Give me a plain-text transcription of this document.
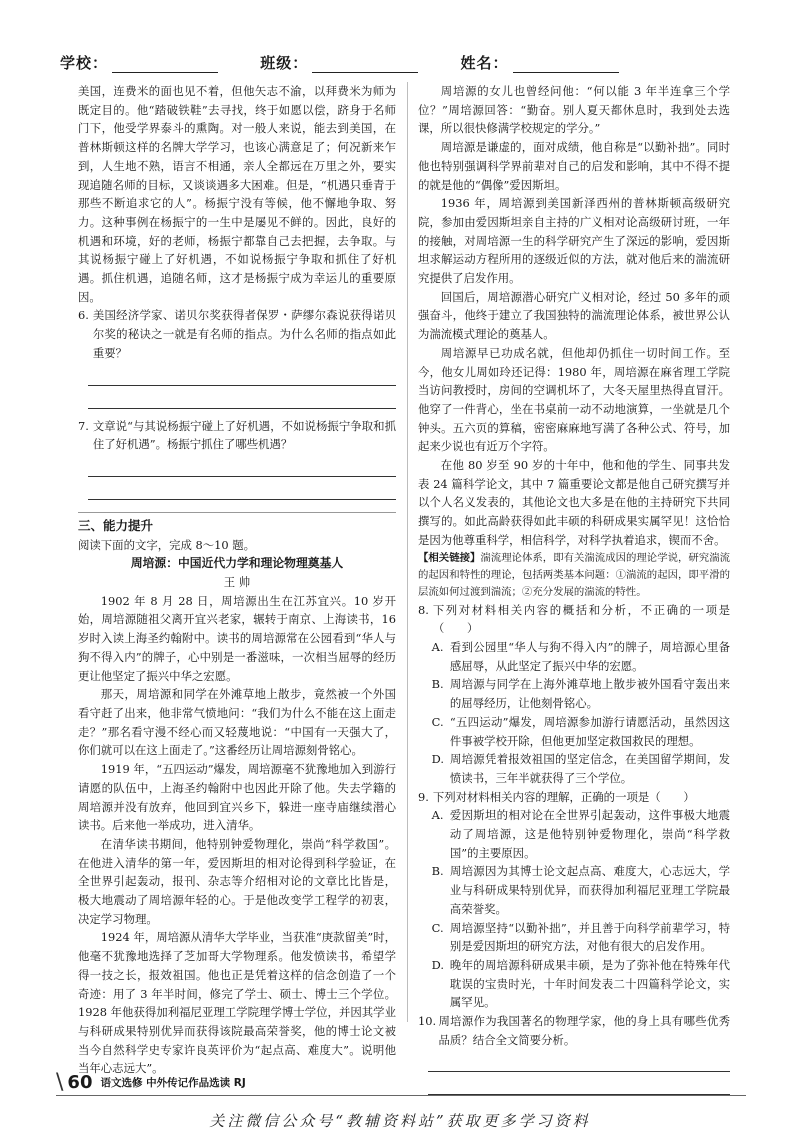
学校：	班级：	姓名：

美国，连费米的面也见不着，但他矢志不渝，以拜费米为师为既定目的。他“踏破铁鞋”去寻找，终于如愿以偿，跻身于名师门下，他受学界泰斗的熏陶。对一般人来说，能去到美国，在普林斯顿这样的名牌大学学习，也该心满意足了；何况新来乍到，人生地不熟，语言不相通，亲人全都远在万里之外，要实现追随名师的目标，又谈谈遇多大困难。但是，“机遇只垂青于那些不断追求它的人”。杨振宁没有等候，他不懈地争取、努力。这种事例在杨振宁的一生中是屡见不鲜的。因此，良好的机遇和环境，好的老师，杨振宁都靠自己去把握，去争取。与其说杨振宁碰上了好机遇，不如说杨振宁争取和抓住了好机遇。抓住机遇，追随名师，这才是杨振宁成为幸运儿的重要原因。

6. 美国经济学家、诺贝尔奖获得者保罗・萨缪尔森说获得诺贝尔奖的秘诀之一就是有名师的指点。为什么名师的指点如此重要？
7. 文章说“与其说杨振宁碰上了好机遇，不如说杨振宁争取和抓住了好机遇”。杨振宁抓住了哪些机遇？
三、能力提升

阅读下面的文字，完成 8～10 题。

周培源：中国近代力学和理论物理奠基人

王 帅

1902 年 8 月 28 日，周培源出生在江苏宜兴。10 岁开始，周培源随祖父离开宜兴老家，辗转于南京、上海读书，16 岁时入读上海圣约翰附中。读书的周培源常在公园看到“华人与狗不得入内”的牌子，心中别是一番滋味，一次相当屈辱的经历更让他坚定了振兴中华之宏愿。

那天，周培源和同学在外滩草地上散步，竟然被一个外国看守赶了出来，他非常气愤地问：“我们为什么不能在这上面走走？”那名看守漫不经心而又轻蔑地说：“中国有一天强大了，你们就可以在这上面走了。”这番经历让周培源刻骨铭心。

1919 年，“五四运动”爆发，周培源毫不犹豫地加入到游行请愿的队伍中，上海圣约翰附中也因此开除了他。失去学籍的周培源并没有放弃，他回到宜兴乡下，躲进一座寺庙继续潜心读书。后来他一举成功，进入清华。

在清华读书期间，他特别钟爱物理化，崇尚“科学救国”。在他进入清华的第一年，爱因斯坦的相对论得到科学验证，在全世界引起轰动，报刊、杂志等介绍相对论的文章比比皆是，极大地震动了周培源年轻的心。于是他改变学工程学的初衷，决定学习物理。

1924 年，周培源从清华大学毕业，当获准“庚款留美”时，他毫不犹豫地选择了芝加哥大学物理系。他发愤读书，希望学得一技之长，报效祖国。他也正是凭着这样的信念创造了一个奇迹：用了 3 年半时间，修完了学士、硕士、博士三个学位。1928 年他获得加利福尼亚理工学院理学博士学位，并因其学业与科研成果特别优异而获得该院最高荣誉奖，他的博士论文被当今自然科学史专家许良英评价为“起点高、难度大”。说明他当年心志远大”。

周培源的女儿也曾经问他：“何以能 3 年半连拿三个学位？”周培源回答：“勤奋。别人夏天都休息时，我到处去选课，所以很快修满学校规定的学分。”

周培源是谦虚的，面对成绩，他自称是“以勤补拙”。同时他也特别强调科学界前辈对自己的启发和影响，其中不得不提的就是他的“偶像”爱因斯坦。

1936 年，周培源到美国新泽西州的普林斯顿高级研究院，参加由爱因斯坦亲自主持的广义相对论高级研讨班，一年的接触，对周培源一生的科学研究产生了深远的影响，爱因斯坦求解运动方程所用的逐级近似的方法，就对他后来的湍流研究提供了启发作用。

回国后，周培源潜心研究广义相对论，经过 50 多年的顽强奋斗，他终于建立了我国独特的湍流理论体系，被世界公认为湍流模式理论的奠基人。

周培源早已功成名就，但他却仍抓住一切时间工作。至今，他女儿周如玲还记得：1980 年，周培源在麻省理工学院当访问教授时，房间的空调机坏了，大冬天屋里热得直冒汗。他穿了一件背心，坐在书桌前一动不动地演算，一坐就是几个钟头。五六页的算稿，密密麻麻地写满了各种公式、符号，加起来少说也有近万个字符。

在他 80 岁至 90 岁的十年中，他和他的学生、同事共发表 24 篇科学论文，其中 7 篇重要论文都是他自己研究撰写并以个人名义发表的，其他论文也大多是在他的主持研究下共同撰写的。如此高龄获得如此丰硕的科研成果实属罕见！这恰恰是因为他尊重科学，相信科学，对科学执着追求，锲而不舍。

【相关链接】湍流理论体系，即有关湍流成因的理论学说，研究湍流的起因和特性的理论，包括两类基本问题：①湍流的起因，即平滑的层流如何过渡到湍流；②充分发展的湍流的特性。

8. 下列对材料相关内容的概括和分析，不正确的一项是（　　）
A. 看到公园里“华人与狗不得入内”的牌子，周培源心里备感屈辱，从此坚定了振兴中华的宏愿。
B. 周培源与同学在上海外滩草地上散步被外国看守轰出来的屈辱经历，让他刻骨铭心。
C. “五四运动”爆发，周培源参加游行请愿活动，虽然因这件事被学校开除，但他更加坚定救国救民的理想。
D. 周培源凭着报效祖国的坚定信念，在美国留学期间，发愤读书，三年半就获得了三个学位。
9. 下列对材料相关内容的理解，正确的一项是（　　）
A. 爱因斯坦的相对论在全世界引起轰动，这件事极大地震动了周培源，这是他特别钟爱物理化，崇尚“科学救国”的主要原因。
B. 周培源因为其博士论文起点高、难度大，心志远大，学业与科研成果特别优异，而获得加利福尼亚理工学院最高荣誉奖。
C. 周培源坚持“以勤补拙”，并且善于向科学前辈学习，特别是爱因斯坦的研究方法，对他有很大的启发作用。
D. 晚年的周培源科研成果丰硕，是为了弥补他在特殊年代耽误的宝贵时光，十年时间发表二十四篇科学论文，实属罕见。
10. 周培源作为我国著名的物理学家，他的身上具有哪些优秀品质？结合全文简要分析。
\ 60 语文选修 中外传记作品选读 RJ
关注微信公众号“教辅资料站”获取更多学习资料
